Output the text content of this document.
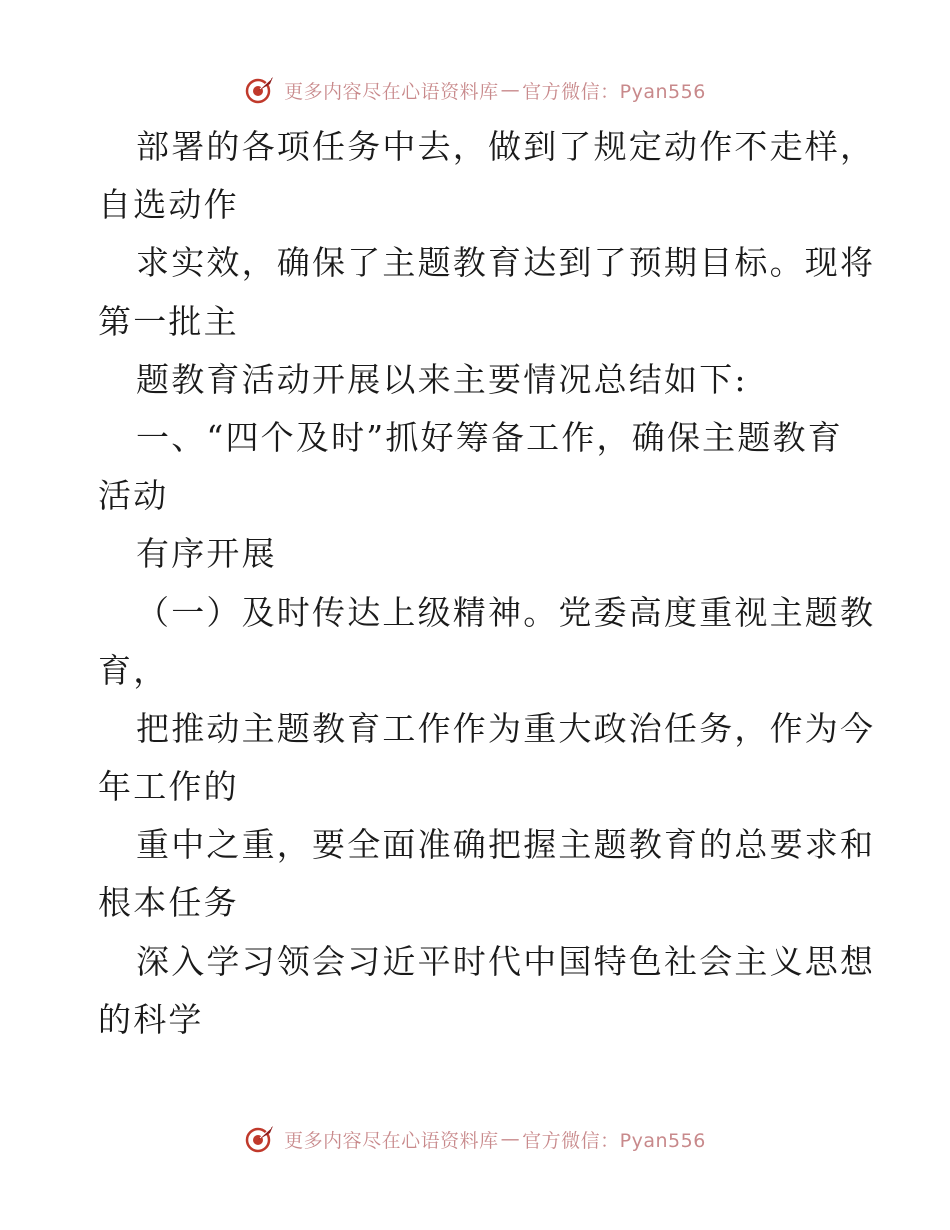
更多内容尽在心语资料库 — 官方微信：Pyan556
部署的各项任务中去，做到了规定动作不走样，
自选动作
求实效，确保了主题教育达到了预期目标。现将
第一批主
题教育活动开展以来主要情况总结如下:
一、“四个及时”抓好筹备工作，确保主题教育
活动
有序开展
（一）及时传达上级精神。党委高度重视主题教
育，
把推动主题教育工作作为重大政治任务，作为今
年工作的
重中之重，要全面准确把握主题教育的总要求和
根本任务
深入学习领会习近平时代中国特色社会主义思想
的科学
更多内容尽在心语资料库 — 官方微信：Pyan556
